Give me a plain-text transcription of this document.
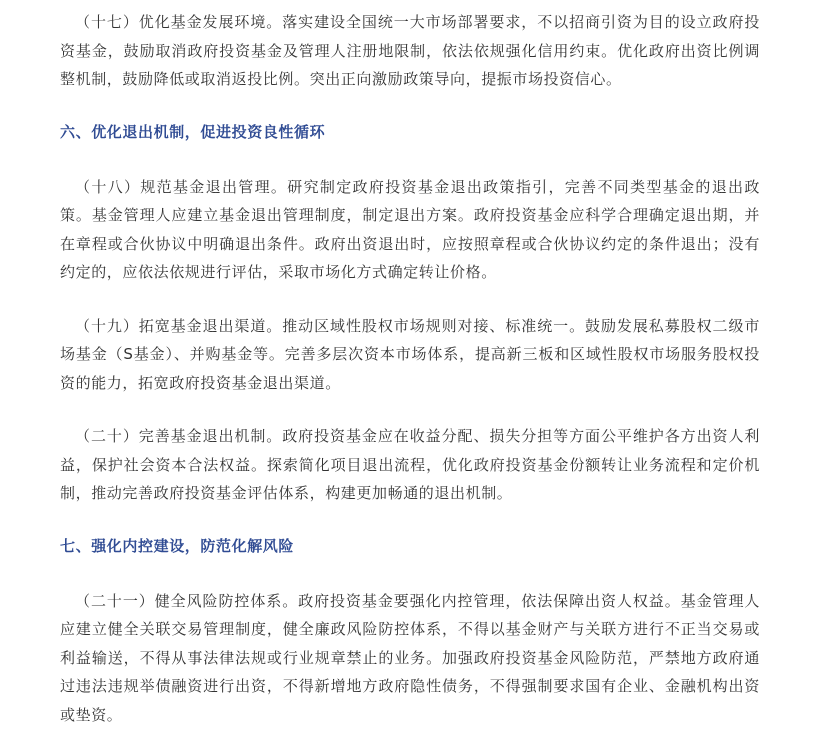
（十七）优化基金发展环境。落实建设全国统一大市场部署要求，不以招商引资为目的设立政府投资基金，鼓励取消政府投资基金及管理人注册地限制，依法依规强化信用约束。优化政府出资比例调整机制，鼓励降低或取消返投比例。突出正向激励政策导向，提振市场投资信心。

六、优化退出机制，促进投资良性循环

（十八）规范基金退出管理。研究制定政府投资基金退出政策指引，完善不同类型基金的退出政策。基金管理人应建立基金退出管理制度，制定退出方案。政府投资基金应科学合理确定退出期，并在章程或合伙协议中明确退出条件。政府出资退出时，应按照章程或合伙协议约定的条件退出；没有约定的，应依法依规进行评估，采取市场化方式确定转让价格。

（十九）拓宽基金退出渠道。推动区域性股权市场规则对接、标准统一。鼓励发展私募股权二级市场基金（S基金）、并购基金等。完善多层次资本市场体系，提高新三板和区域性股权市场服务股权投资的能力，拓宽政府投资基金退出渠道。

（二十）完善基金退出机制。政府投资基金应在收益分配、损失分担等方面公平维护各方出资人利益，保护社会资本合法权益。探索简化项目退出流程，优化政府投资基金份额转让业务流程和定价机制，推动完善政府投资基金评估体系，构建更加畅通的退出机制。

七、强化内控建设，防范化解风险

（二十一）健全风险防控体系。政府投资基金要强化内控管理，依法保障出资人权益。基金管理人应建立健全关联交易管理制度，健全廉政风险防控体系，不得以基金财产与关联方进行不正当交易或利益输送，不得从事法律法规或行业规章禁止的业务。加强政府投资基金风险防范，严禁地方政府通过违法违规举债融资进行出资，不得新增地方政府隐性债务，不得强制要求国有企业、金融机构出资或垫资。
